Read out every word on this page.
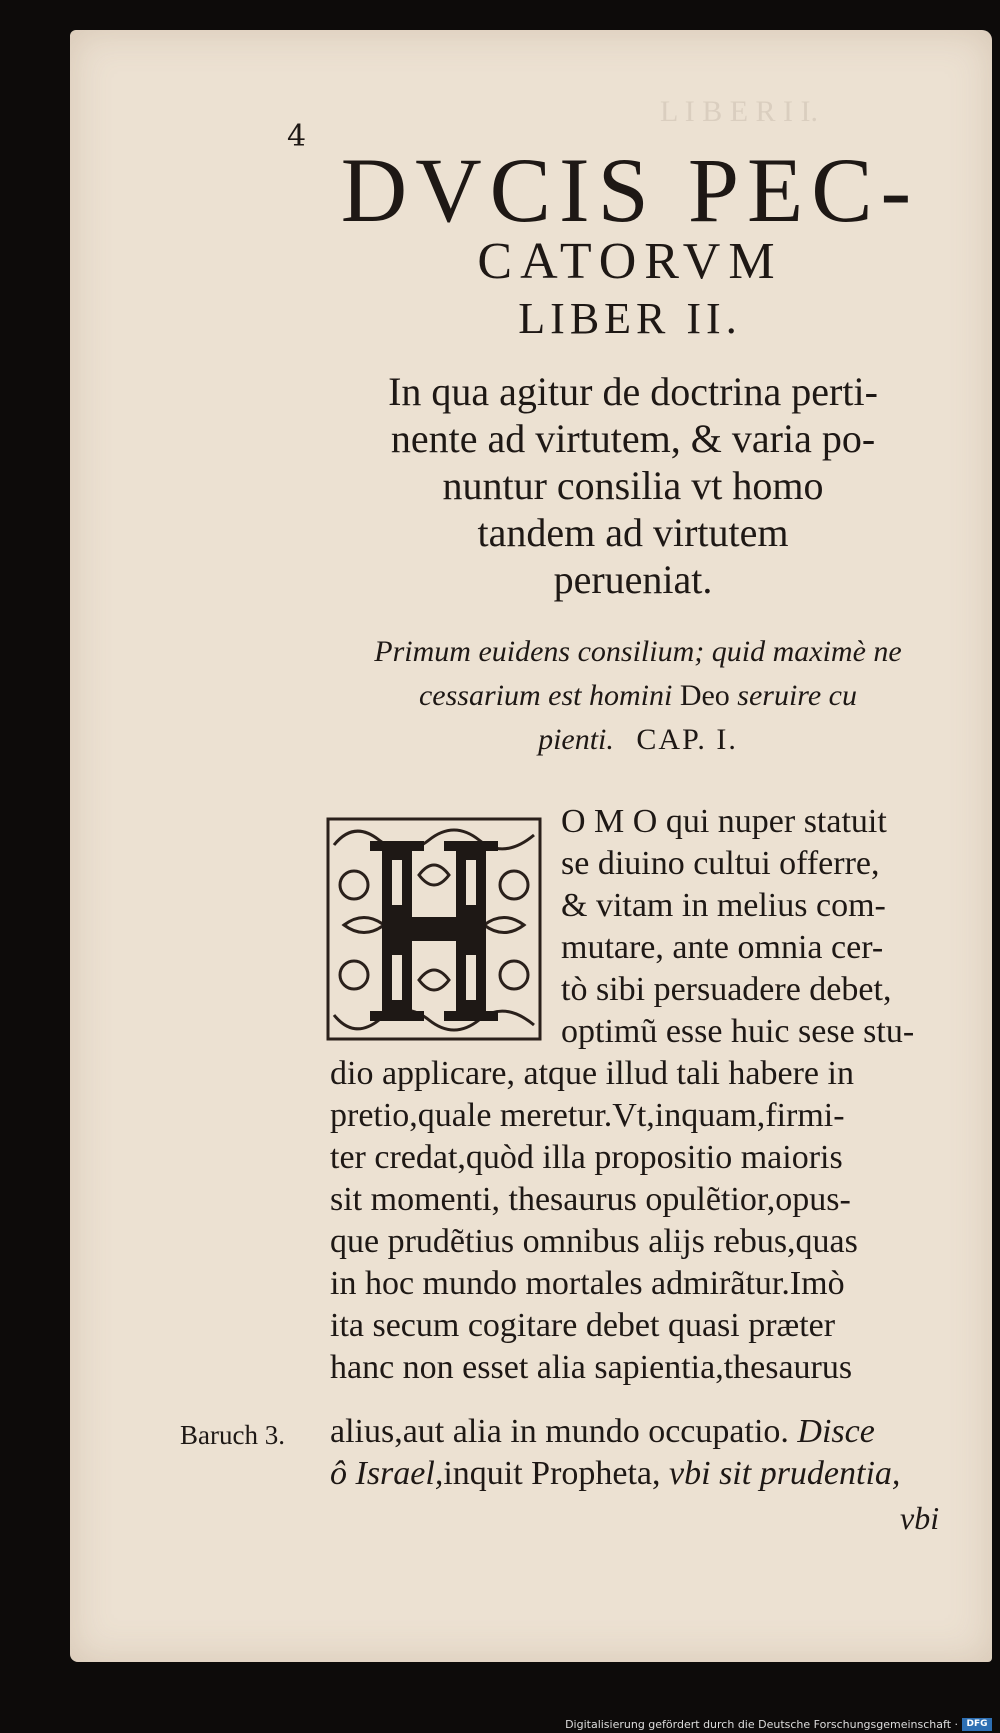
L I B E R I I.
4
DVCIS PEC-
CATORVM
LIBER II.
In qua agitur de doctrina perti-
nente ad virtutem, & varia po-
nuntur consilia vt homo
tandem ad virtutem
perueniat.
Primum euidens consilium; quid maximè ne
cessarium est homini Deo seruire cu
pienti. CAP. I.
O M O qui nuper statuit
se diuino cultui offerre,
& vitam in melius com-
mutare, ante omnia cer-
tò sibi persuadere debet,
optimũ esse huic sese stu-
dio applicare, atque illud tali habere in
pretio,quale meretur.Vt,inquam,firmi-
ter credat,quòd illa propositio maioris
sit momenti, thesaurus opulẽtior,opus-
que prudẽtius omnibus alijs rebus,quas
in hoc mundo mortales admirãtur.Imò
ita secum cogitare debet quasi præter
hanc non esset alia sapientia,thesaurus
alius,aut alia in mundo occupatio. Disce
ô Israel,inquit Propheta, vbi sit prudentia,
Baruch 3.
vbi
Digitalisierung gefördert durch die Deutsche Forschungsgemeinschaft · DFG
